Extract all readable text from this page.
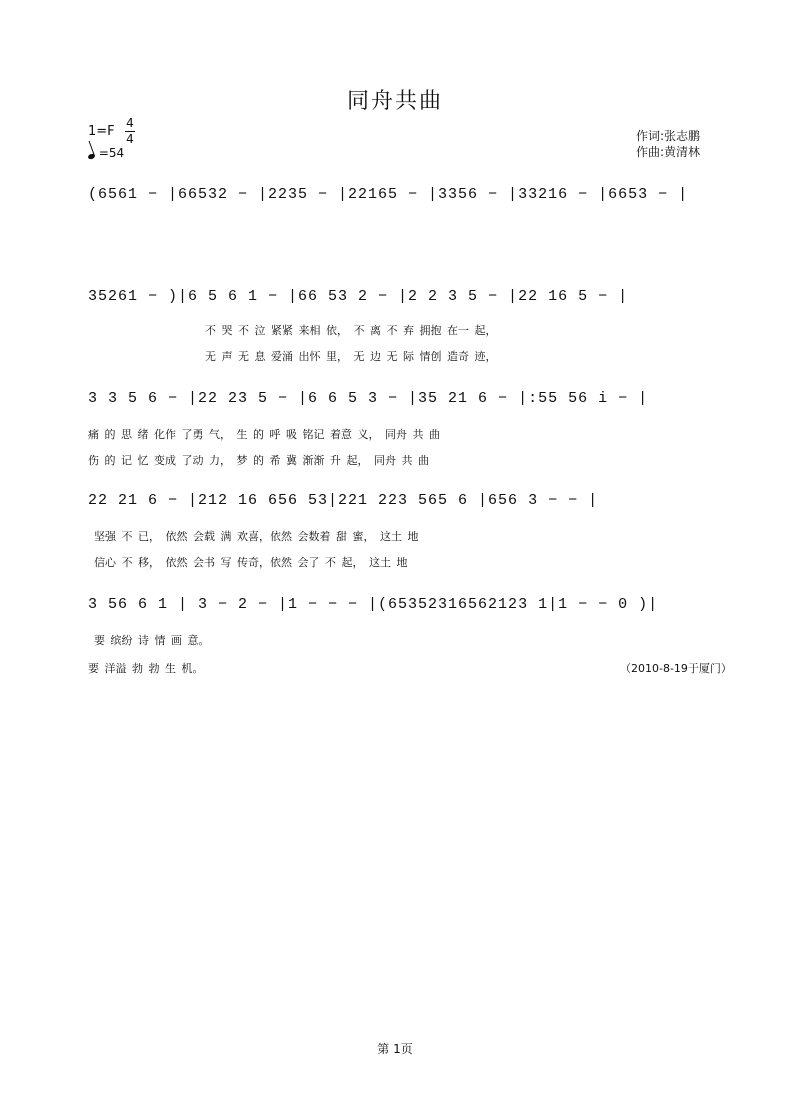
同舟共曲
1=F
4
4
=54
作词:张志鹏
作曲:黄清林
(6561 − |66532 − |2235 − |22165 − |3356 − |33216 − |6653 − |
35261 − )|6 5 6 1 − |66 53 2 − |2 2 3 5 − |22 16 5 − |
不 哭 不 泣 紧紧 来相 依， 不 离 不 弃 拥抱 在一 起，
无 声 无 息 爱涌 出怀 里， 无 边 无 际 情创 造奇 迹，
3 3 5 6 − |22 23 5 − |6 6 5 3 − |35 21 6 − |:55 56 i − |
痛 的 思 绪 化作 了勇 气， 生 的 呼 吸 铭记 着意 义， 同舟 共 曲
伤 的 记 忆 变成 了动 力， 梦 的 希 冀 渐渐 升 起， 同舟 共 曲
22 21 6 − |212 16 656 53|221 223 565 6 |656 3 − − |
坚强 不 已， 依然 会载 满 欢喜，依然 会数着 甜 蜜， 这土 地
信心 不 移， 依然 会书 写 传奇，依然 会了 不 起， 这土 地
3 56 6 1 | 3 − 2 − |1 − − − |(65352316562123 1|1 − − 0 )|
要 缤纷 诗 情 画 意。
要 洋溢 勃 勃 生 机。	（2010-8-19于厦门）
第 1页
